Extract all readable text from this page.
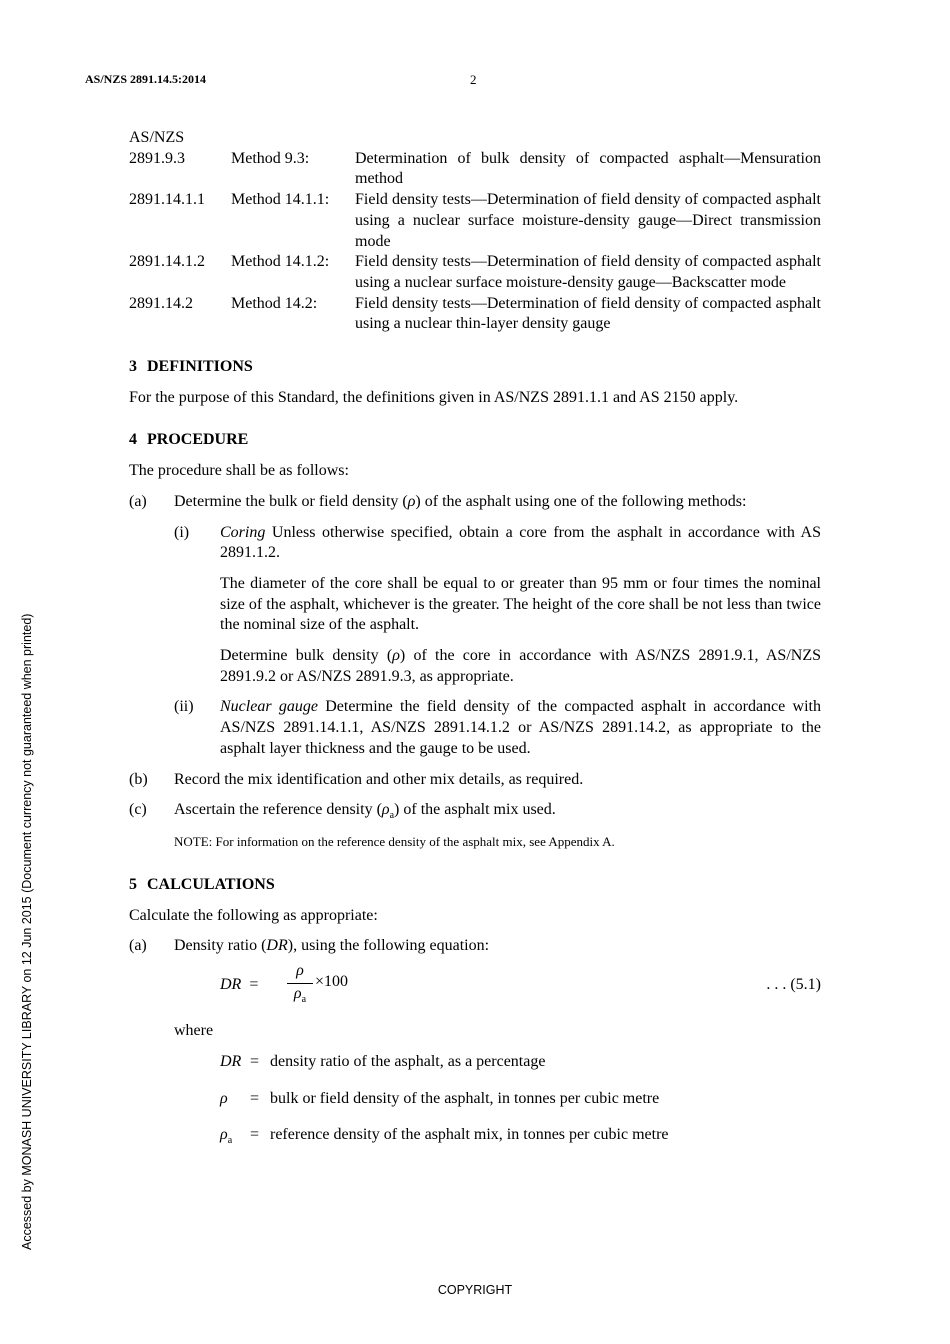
AS/NZS 2891.14.5:2014	2
Accessed by MONASH UNIVERSITY LIBRARY on 12 Jun 2015 (Document currency not guaranteed when printed)
AS/NZS
2891.9.3	Method 9.3:	Determination of bulk density of compacted asphalt—Mensuration method
2891.14.1.1	Method 14.1.1:	Field density tests—Determination of field density of compacted asphalt using a nuclear surface moisture-density gauge—Direct transmission mode
2891.14.1.2	Method 14.1.2:	Field density tests—Determination of field density of compacted asphalt using a nuclear surface moisture-density gauge—Backscatter mode
2891.14.2	Method 14.2:	Field density tests—Determination of field density of compacted asphalt using a nuclear thin-layer density gauge
3 DEFINITIONS

For the purpose of this Standard, the definitions given in AS/NZS 2891.1.1 and AS 2150 apply.

4 PROCEDURE

The procedure shall be as follows:

(a)	Determine the bulk or field density (ρ) of the asphalt using one of the following methods:
(i)	Coring Unless otherwise specified, obtain a core from the asphalt in accordance with AS 2891.1.2.

The diameter of the core shall be equal to or greater than 95 mm or four times the nominal size of the asphalt, whichever is the greater. The height of the core shall be not less than twice the nominal size of the asphalt.

Determine bulk density (ρ) of the core in accordance with AS/NZS 2891.9.1, AS/NZS 2891.9.2 or AS/NZS 2891.9.3, as appropriate.

(ii)	Nuclear gauge Determine the field density of the compacted asphalt in accordance with AS/NZS 2891.14.1.1, AS/NZS 2891.14.1.2 or AS/NZS 2891.14.2, as appropriate to the asphalt layer thickness and the gauge to be used.

(b)	Record the mix identification and other mix details, as required.
(c)	Ascertain the reference density $(\rho_a)$ of the asphalt mix used.
NOTE: For information on the reference density of the asphalt mix, see Appendix A.
5 CALCULATIONS

Calculate the following as appropriate:

(a)	Density ratio (DR), using the following equation:
DR = $\frac{\rho}{\rho_a} \times 100$	. . . (5.1)
where
DR = density ratio of the asphalt, as a percentage
ρ	= bulk or field density of the asphalt, in tonnes per cubic metre
$\rho_a$	= reference density of the asphalt mix, in tonnes per cubic metre
COPYRIGHT
